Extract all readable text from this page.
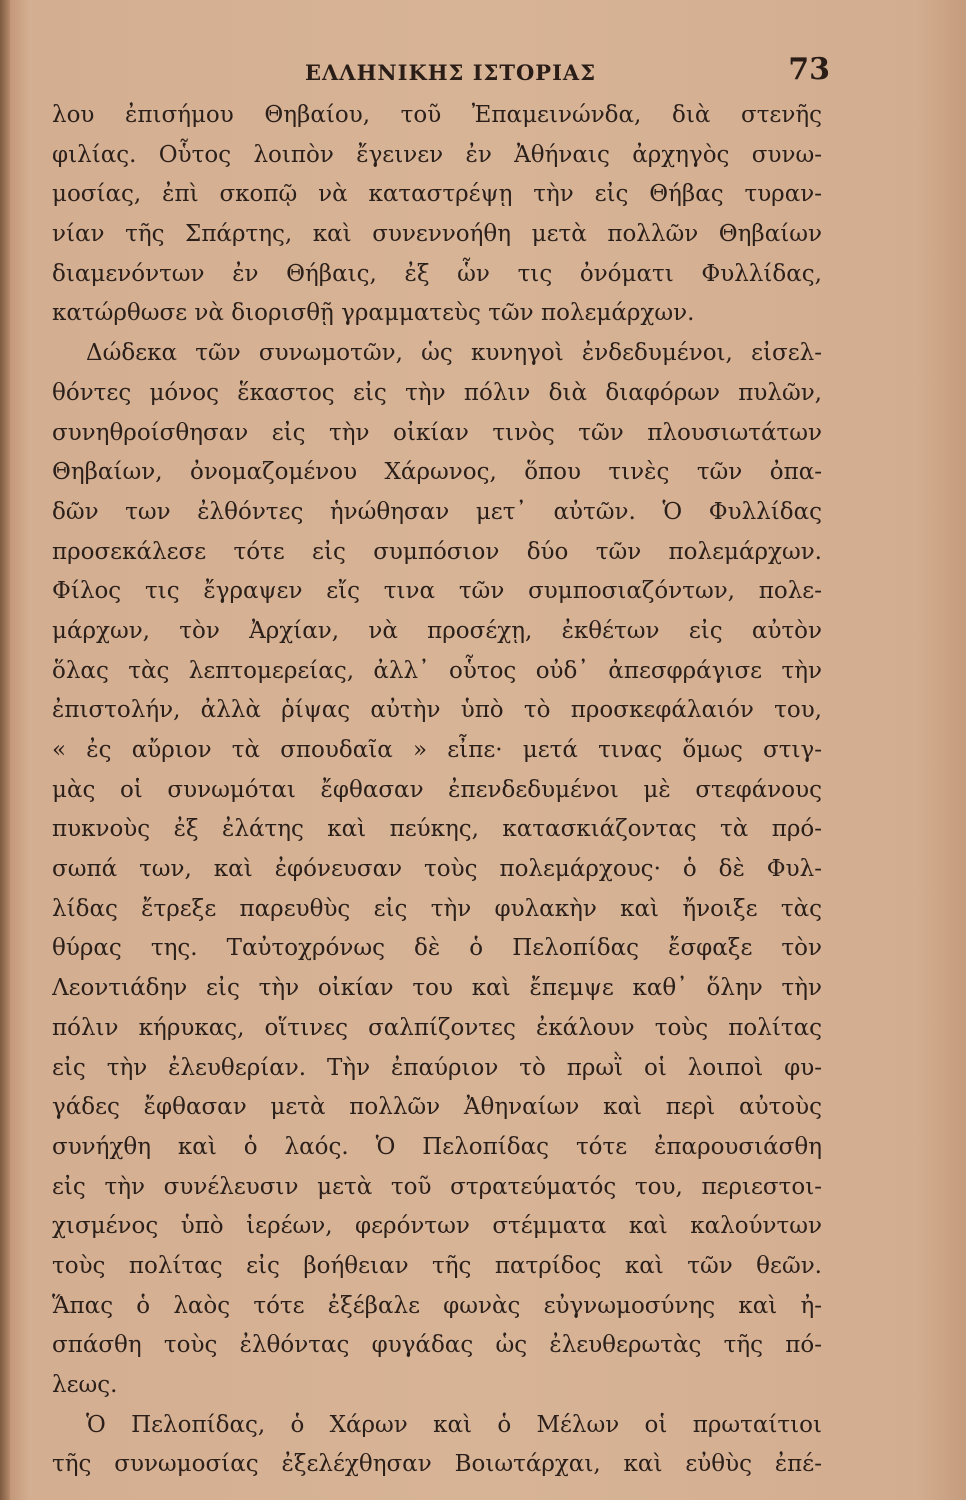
ΕΛΛΗΝΙΚΗΣ ΙΣΤΟΡΙΑΣ	73
λου ἐπισήμου Θηβαίου, τοῦ Ἐπαμεινώνδα, διὰ στενῆς
φιλίας. Οὗτος λοιπὸν ἔγεινεν ἐν Ἀθήναις ἀρχηγὸς συνω-
μοσίας, ἐπὶ σκοπῷ νὰ καταστρέψῃ τὴν εἰς Θήβας τυραν-
νίαν τῆς Σπάρτης, καὶ συνεννοήθη μετὰ πολλῶν Θηβαίων
διαμενόντων ἐν Θήβαις, ἐξ ὧν τις ὀνόματι Φυλλίδας,
κατώρθωσε νὰ διορισθῇ γραμματεὺς τῶν πολεμάρχων.
Δώδεκα τῶν συνωμοτῶν, ὡς κυνηγοὶ ἐνδεδυμένοι, εἰσελ-
θόντες μόνος ἕκαστος εἰς τὴν πόλιν διὰ διαφόρων πυλῶν,
συνηθροίσθησαν εἰς τὴν οἰκίαν τινὸς τῶν πλουσιωτάτων
Θηβαίων, ὀνομαζομένου Χάρωνος, ὅπου τινὲς τῶν ὀπα-
δῶν των ἐλθόντες ἡνώθησαν μετ᾽ αὐτῶν. Ὁ Φυλλίδας
προσεκάλεσε τότε εἰς συμπόσιον δύο τῶν πολεμάρχων.
Φίλος τις ἔγραψεν εἴς τινα τῶν συμποσιαζόντων, πολε-
μάρχων, τὸν Ἀρχίαν, νὰ προσέχῃ, ἐκθέτων εἰς αὐτὸν
ὅλας τὰς λεπτομερείας, ἀλλ᾽ οὗτος οὐδ᾽ ἀπεσφράγισε τὴν
ἐπιστολήν, ἀλλὰ ῥίψας αὐτὴν ὑπὸ τὸ προσκεφάλαιόν του,
« ἐς αὔριον τὰ σπουδαῖα » εἶπε· μετά τινας ὅμως στιγ-
μὰς οἱ συνωμόται ἔφθασαν ἐπενδεδυμένοι μὲ στεφάνους
πυκνοὺς ἐξ ἐλάτης καὶ πεύκης, κατασκιάζοντας τὰ πρό-
σωπά των, καὶ ἐφόνευσαν τοὺς πολεμάρχους· ὁ δὲ Φυλ-
λίδας ἔτρεξε παρευθὺς εἰς τὴν φυλακὴν καὶ ἤνοιξε τὰς
θύρας της. Ταὐτοχρόνως δὲ ὁ Πελοπίδας ἔσφαξε τὸν
Λεοντιάδην εἰς τὴν οἰκίαν του καὶ ἔπεμψε καθ᾽ ὅλην τὴν
πόλιν κήρυκας, οἵτινες σαλπίζοντες ἐκάλουν τοὺς πολίτας
εἰς τὴν ἐλευθερίαν. Τὴν ἐπαύριον τὸ πρωῒ οἱ λοιποὶ φυ-
γάδες ἔφθασαν μετὰ πολλῶν Ἀθηναίων καὶ περὶ αὐτοὺς
συνήχθη καὶ ὁ λαός. Ὁ Πελοπίδας τότε ἐπαρουσιάσθη
εἰς τὴν συνέλευσιν μετὰ τοῦ στρατεύματός του, περιεστοι-
χισμένος ὑπὸ ἱερέων, φερόντων στέμματα καὶ καλούντων
τοὺς πολίτας εἰς βοήθειαν τῆς πατρίδος καὶ τῶν θεῶν.
Ἅπας ὁ λαὸς τότε ἐξέβαλε φωνὰς εὐγνωμοσύνης καὶ ἠ-
σπάσθη τοὺς ἐλθόντας φυγάδας ὡς ἐλευθερωτὰς τῆς πό-
λεως.
Ὁ Πελοπίδας, ὁ Χάρων καὶ ὁ Μέλων οἱ πρωταίτιοι
τῆς συνωμοσίας ἐξελέχθησαν Βοιωτάρχαι, καὶ εὐθὺς ἐπέ-
